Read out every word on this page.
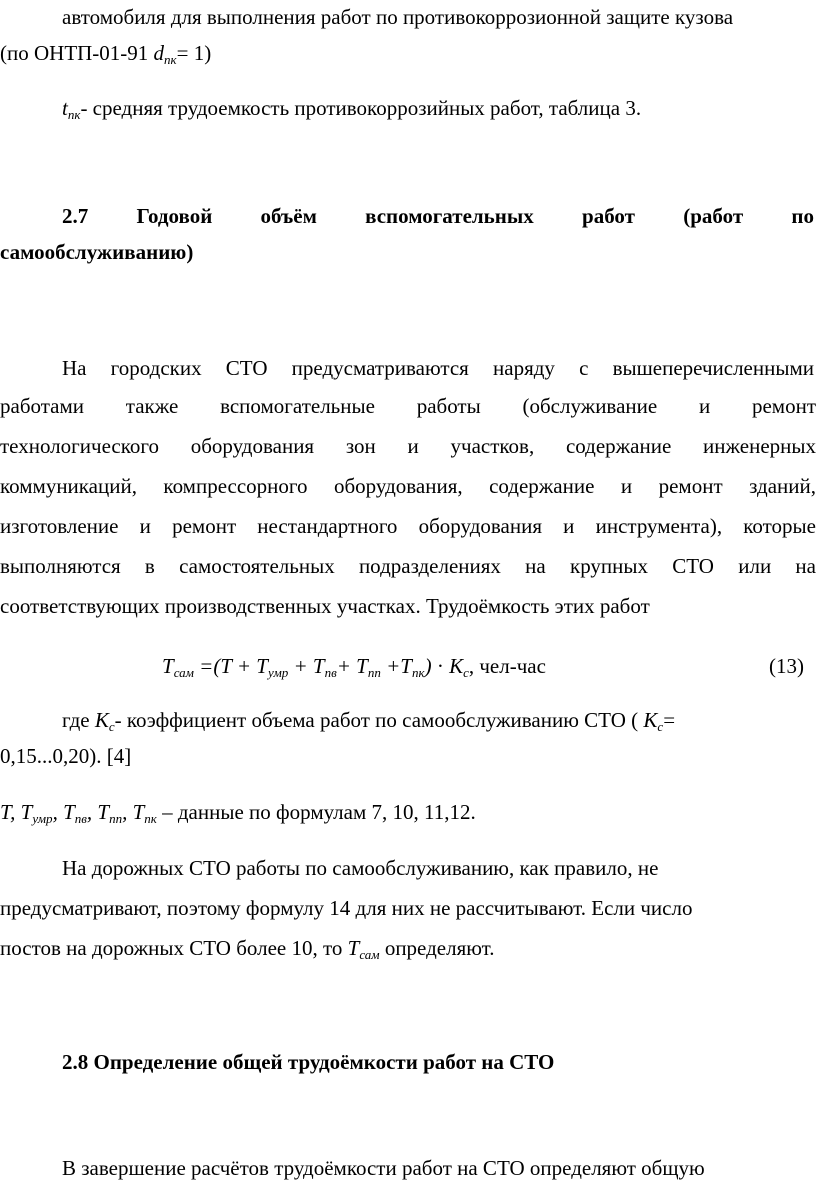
автомобиля для выполнения работ по противокоррозионной защите кузова
(по ОНТП-01-91 $d_{пк}= 1$)
$t_{пк}-$ средняя трудоемкость противокоррозийных работ, таблица 3.
2.7 Годовой объём вспомогательных работ (работ по
самообслуживанию)
На городских СТО предусматриваются наряду с вышеперечисленными
работами также вспомогательные работы (обслуживание и ремонт
технологического оборудования зон и участков, содержание инженерных
коммуникаций, компрессорного оборудования, содержание и ремонт зданий,
изготовление и ремонт нестандартного оборудования и инструмента), которые
выполняются в самостоятельных подразделениях на крупных СТО или на
соответствующих производственных участках. Трудоёмкость этих работ
$T_{сам} =(T + T_{умр} + T_{пв}+ T_{пп} +T_{пк}) \cdot K_c$, чел-час	(13)
где $K_c-$ коэффициент объема работ по самообслуживанию СТО ( $K_c=$
0,15...0,20). [4]
T, $T_{умр}$, $T_{пв}$, $T_{пп}$, $T_{пк}$ – данные по формулам 7, 10, 11,12.
На дорожных СТО работы по самообслуживанию, как правило, не
предусматривают, поэтому формулу 14 для них не рассчитывают. Если число
постов на дорожных СТО более 10, то $T_{сам}$ определяют.
2.8 Определение общей трудоёмкости работ на СТО
В завершение расчётов трудоёмкости работ на СТО определяют общую
